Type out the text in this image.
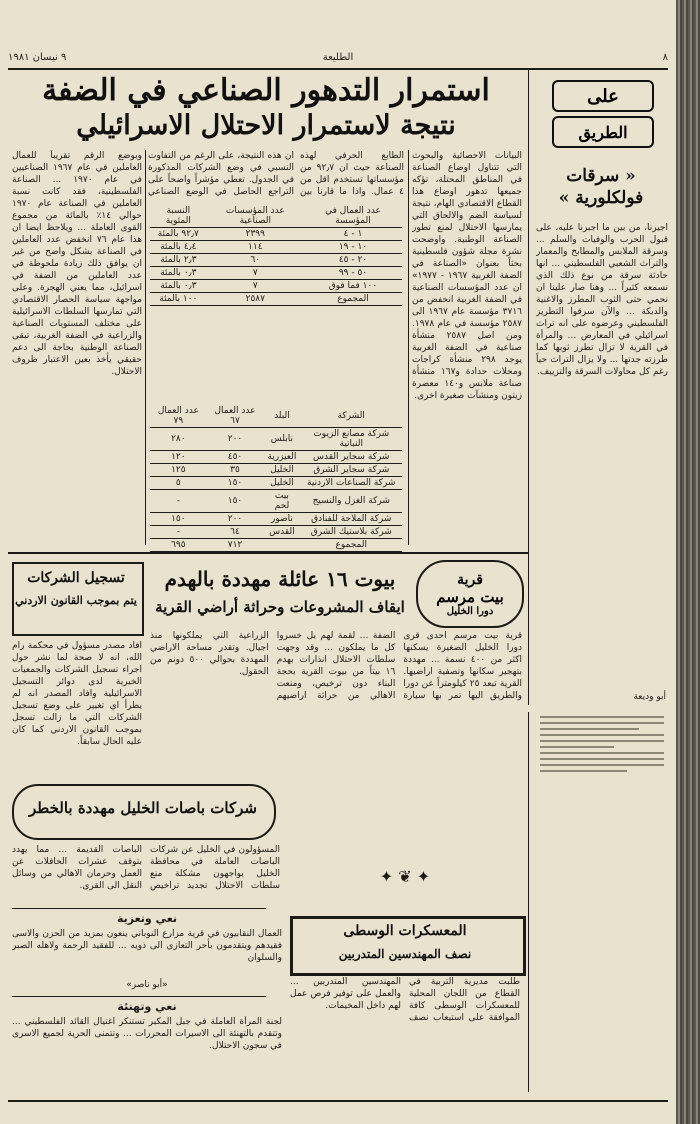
٩ نيسان ١٩٨١	الطليعة	٨
على
الطريق
« سرقات فولكلورية »
اجيرنا، من بين ما اجبرنا عليه، على قبول الحرب والوفيات والسلم ... وسرقة الملابس والمطابخ والمعمار والتراث الشعبي الفلسطيني ... انها حادثة سرقة من نوع ذلك الذي نسمعه كثيراً ... وهنا صار علينا ان نحمي حتى الثوب المطرز والاغنية والدبكة ... والآن سرقوا التطريز الفلسطيني وعرضوه على انه تراث اسرائيلي في المعارض ... والمرأة في القرية لا تزال تطرز ثوبها كما طرزته جدتها ... ولا يزال التراث حياً رغم كل محاولات السرقة والتزييف.
أبو وديعة
استمرار التدهور الصناعي في الضفة
نتيجة لاستمرار الاحتلال الاسرائيلي
البيانات الاحصائية والبحوث التي تتناول اوضاع الصناعة في المناطق المحتلة، تؤكه جميعها تدهور اوضاع هذا القطاع الاقتصادي الهام، نتيجة لسياسة الضم والالحاق التي يمارسها الاحتلال لمنع تطور الصناعة الوطنية. واوضحت نشرة مجلة شؤون فلسطينية بحثاً بعنوان «الصناعة في الضفة الغربية ١٩٦٧ - ١٩٧٧» ان عدد المؤسسات الصناعية في الضفة الغربية انخفض من ٣٧١٦ مؤسسة عام ١٩٦٧ الى ٢٥٨٧ مؤسسة في عام ١٩٧٨. ومن اصل ٢٥٨٧ منشأة صناعية في الضفة الغربية يوجد ٢٩٨ منشأة كراجات ومحلات حدادة و١٦٧ منشأة صناعة ملابس و١٤٠ معصرة زيتون ومنشآت صغيرة اخرى.
الطابع الحرفي لهذه الصناعة حيث ان ٩٢٫٧ من مؤسساتها تستخدم اقل من ٤ عمال. واذا ما قارنا بين
ان هذه النتيجة، على الرغم من التفاوت النسبي في وضع الشركات المذكورة في الجدول. تعطي مؤشراً واضحاً على التراجع الحاصل في الوضع الصناعي
وبوضع الرقم تقريباً للعمال العاملين في عام ١٩٦٧ الصناعيين في عام ١٩٧٠ ... الصناعة الفلسطينية، فقد كانت نسبة العاملين في الصناعة عام ١٩٧٠ حوالي ١٤٪ بالمائة من مجموع القوى العاملة ... ويلاحظ ايضا ان هذا عام ٧٦ انخفض عدد العاملين في الصناعة بشكل واضح من غير ان يوافق ذلك زيادة ملحوظة في عدد العاملين من الضفة في اسرائيل، مما يعني الهجرة. وعلى مواجهة سياسة الحصار الاقتصادي التي تمارسها السلطات الاسرائيلية على مختلف المستويات الصناعية والزراعية في الضفة الغربية، تبقى الصناعة الوطنية بحاجة الى دعم حقيقي يأخذ بعين الاعتبار ظروف الاحتلال.
عدد العمال في المؤسسة	عدد المؤسسات الصناعية	النسبة المئوية
١ - ٤	٢٣٩٩	٩٢٫٧ بالمئة
١٠ - ١٩	١١٤	٤٫٤ بالمئة
٢٠ - ٤٥	٦٠	٢٫٣ بالمئة
٥٠ - ٩٩	٧	٠٫٣ بالمئة
١٠٠ فما فوق	٧	٠٫٣ بالمئة
المجموع	٢٥٨٧	١٠٠ بالمئة
الشركة	البلد	عدد العمال ٦٧	عدد العمال ٧٩
شركة مصانع الزيوت النباتية	نابلس	٢٠٠	٢٨٠
شركة سجاير القدس	العيزرية	٤٥٠	١٢٠
شركة سجاير الشرق	الخليل	٣٥	١٢٥
شركة الصناعات الاردنية	الخليل	١٥٠	٥
شركة الغزل والنسيج	بيت لحم	١٥٠	-
شركة الملاحة للفنادق	ناصور	٢٠٠	١٥٠
شركة بلاستيك الشرق	القدس	٦٤	-
المجموع		٧١٢	٦٩٥
قرية
بيت مرسم
دورا الخليل
بيوت ١٦ عائلة مهددة بالهدم
ايقاف المشروعات وحراثة أراضي القرية
قرية بيت مرسم احدى قرى دورا الخليل الصغيرة يسكنها اكثر من ٤٠٠ نسمة ... مهددة بتهجير سكانها وتصفية اراضيها. القرية تبعد ٢٥ كيلومتراً عن دورا والطريق اليها تمر بها سيارة الضفة ... لقمة لهم بل خسروا كل ما يملكون ... وقد وجهت سلطات الاحتلال انذارات بهدم ١٦ بيتاً من بيوت القرية بحجة البناء دون ترخيص، ومنعت الاهالي من حراثة اراضيهم الزراعية التي يملكونها منذ اجيال. وتقدر مساحة الاراضي المهددة بحوالي ٥٠٠ دونم من الحقول.
تسجيل الشركات
يتم بموجب القانون الاردني
افاد مصدر مسؤول في محكمة رام الله، انه لا صحة لما نشر حول اجراء تسجيل الشركات والجمعيات الخيرية لدى دوائر التسجيل الاسرائيلية وافاد المصدر انه لم يطرأ اي تغيير على وضع تسجيل الشركات التي ما زالت تسجل بموجب القانون الاردني كما كان عليه الحال سابقاً.
شركات باصات الخليل مهددة بالخطر
المسؤولون في الخليل عن شركات الباصات العاملة في محافظة الخليل يواجهون مشكلة منع سلطات الاحتلال تجديد تراخيص الباصات القديمة ... مما يهدد بتوقف عشرات الحافلات عن العمل وحرمان الاهالي من وسائل النقل الى القرى.
المعسكرات الوسطى
نصف المهندسين المتدربين
طلبت مديرية التربية في القطاع من اللجان المحلية للمعسكرات الوسطى كافة الموافقة على استيعاب نصف المهندسين المتدربين ... والعمل على توفير فرص عمل لهم داخل المخيمات.
نعي وتعزية
العمال النقابيون في قرية مزارع النوباني ينعون بمزيد من الحزن والاسى فقيدهم ويتقدمون بأحر التعازي الى ذويه ... للفقيد الرحمة ولاهله الصبر والسلوان
«أبو ناصر»
نعي وتهنئة
لجنة المرأة العاملة في جبل المكبر تستنكر اغتيال القائد الفلسطيني ... وتتقدم بالتهنئة الى الاسيرات المحررات ... وتتمنى الحرية لجميع الاسرى في سجون الاحتلال.
✦ ❦ ✦
